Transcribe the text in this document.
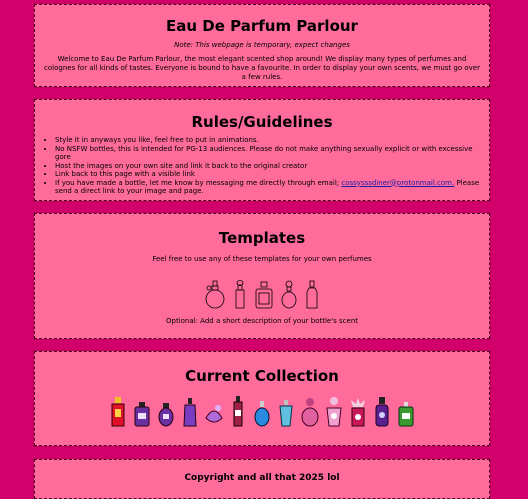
Eau De Parfum Parlour
Note: This webpage is temporary, expect changes
Welcome to Eau De Parfum Parlour, the most elegant scented shop around! We display many types of perfumes and colognes for all kinds of tastes. Everyone is bound to have a favourite. In order to display your own scents, we must go over a few rules.
Rules/Guidelines
• Style it in anyways you like, feel free to put in animations.
• No NSFW bottles, this is intended for PG-13 audiences. Please do not make anything sexually explicit or with excessive gore
• Host the images on your own site and link it back to the original creator
• Link back to this page with a visible link
• If you have made a bottle, let me know by messaging me directly through email; cossysssdiner@protonmail.com. Please send a direct link to your image and page.
Templates
Feel free to use any of these templates for your own perfumes
Optional: Add a short description of your bottle's scent
Current Collection
Copyright and all that 2025 lol
